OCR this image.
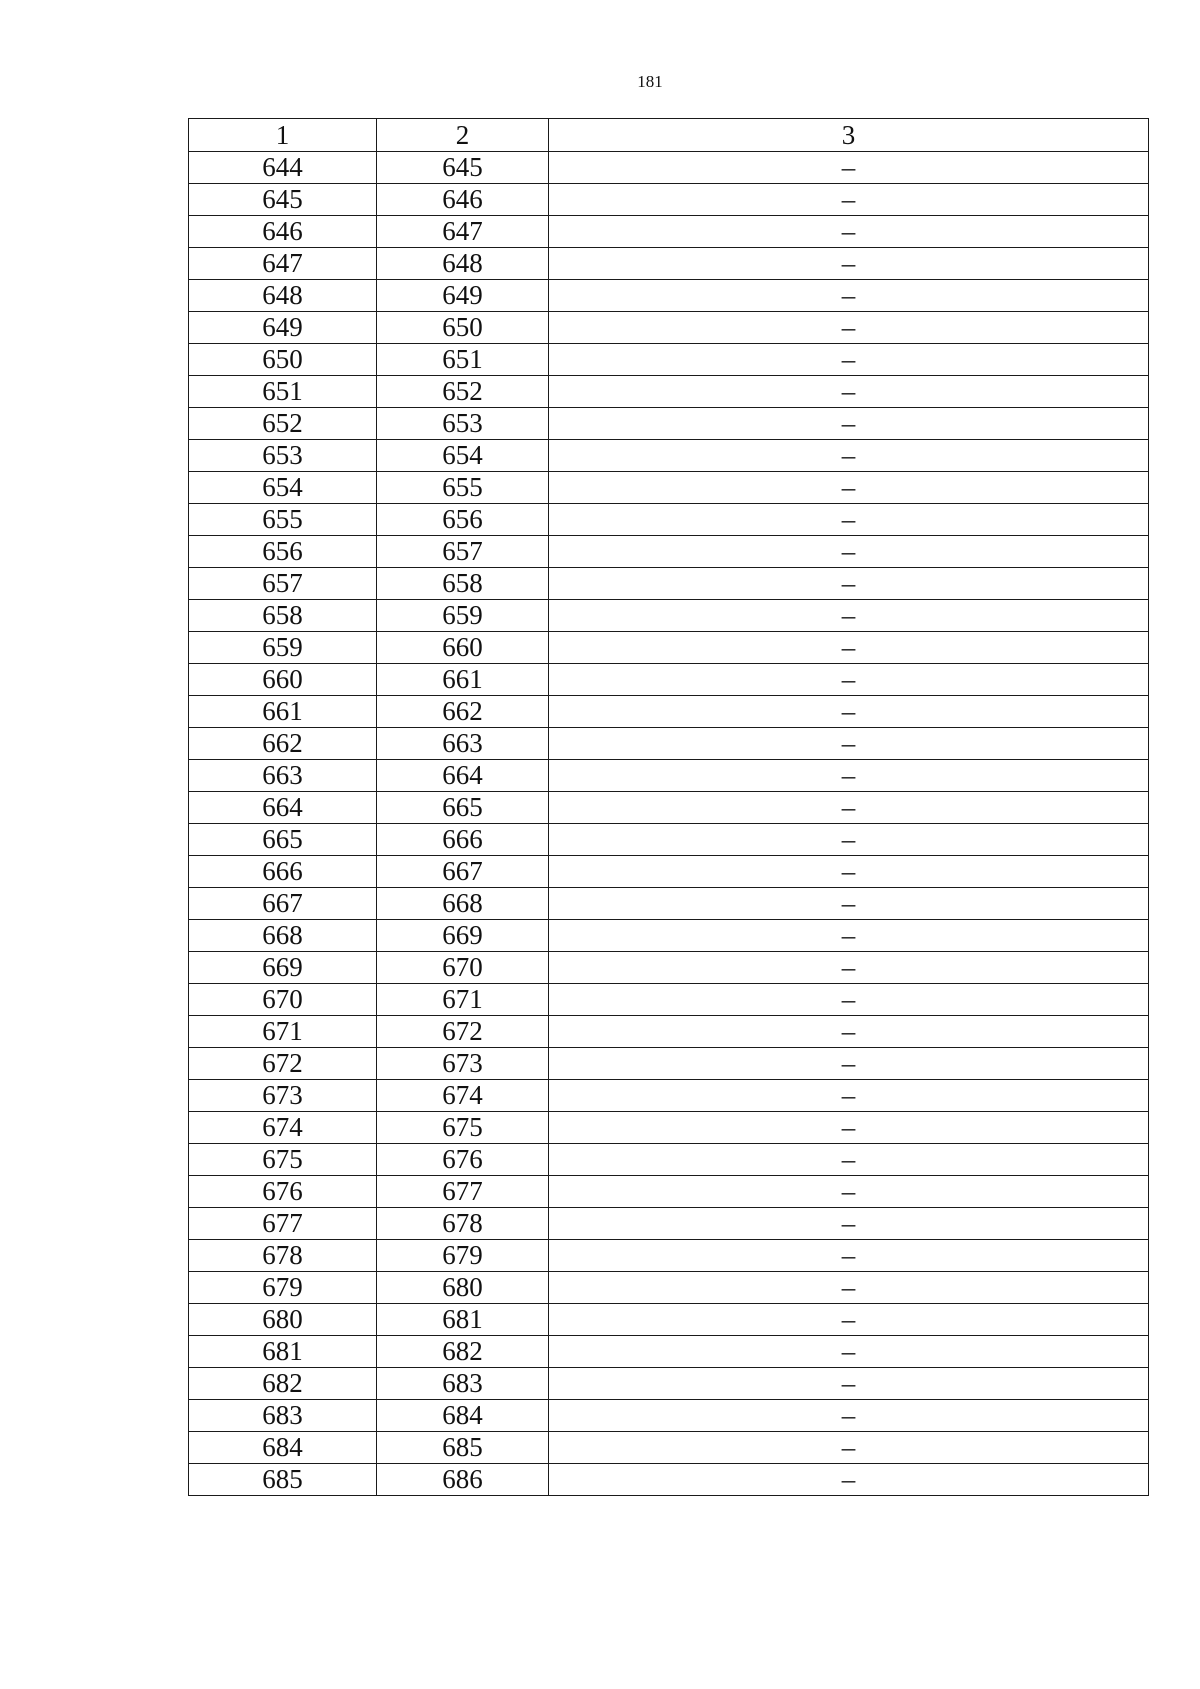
181
1	2	3
644	645	–
645	646	–
646	647	–
647	648	–
648	649	–
649	650	–
650	651	–
651	652	–
652	653	–
653	654	–
654	655	–
655	656	–
656	657	–
657	658	–
658	659	–
659	660	–
660	661	–
661	662	–
662	663	–
663	664	–
664	665	–
665	666	–
666	667	–
667	668	–
668	669	–
669	670	–
670	671	–
671	672	–
672	673	–
673	674	–
674	675	–
675	676	–
676	677	–
677	678	–
678	679	–
679	680	–
680	681	–
681	682	–
682	683	–
683	684	–
684	685	–
685	686	–
